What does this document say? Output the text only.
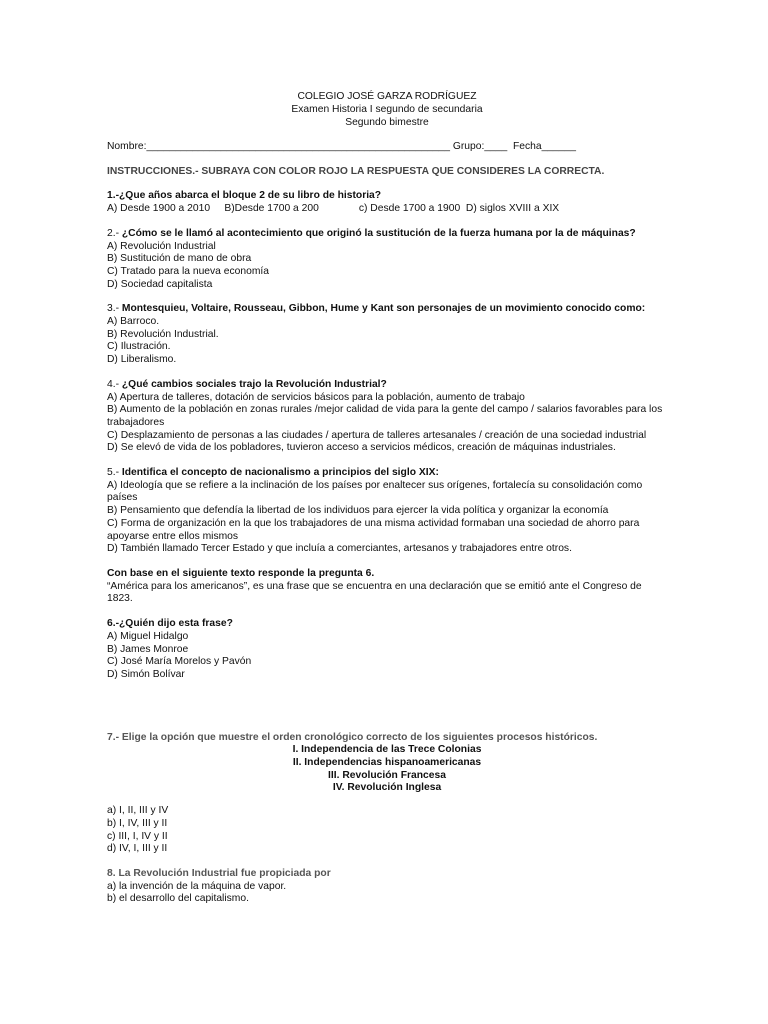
COLEGIO JOSÉ GARZA RODRÍGUEZ
Examen Historia I segundo de secundaria
Segundo bimestre
Nombre:_____________________________________________________ Grupo:____  Fecha______
INSTRUCCIONES.- SUBRAYA CON COLOR ROJO LA RESPUESTA QUE CONSIDERES LA CORRECTA.
1.-¿Que años abarca el bloque 2 de su libro de historia?
A) Desde 1900 a 2010     B)Desde 1700 a 200              c) Desde 1700 a 1900  D) siglos XVIII a XIX
2.- ¿Cómo se le llamó al acontecimiento que originó la sustitución de la fuerza humana por la de máquinas?
A) Revolución Industrial
B) Sustitución de mano de obra
C) Tratado para la nueva economía
D) Sociedad capitalista
3.- Montesquieu, Voltaire, Rousseau, Gibbon, Hume y Kant son personajes de un movimiento conocido como:
A) Barroco.
B) Revolución Industrial.
C) Ilustración.
D) Liberalismo.
4.- ¿Qué cambios sociales trajo la Revolución Industrial?
A) Apertura de talleres, dotación de servicios básicos para la población, aumento de trabajo
B) Aumento de la población en zonas rurales /mejor calidad de vida para la gente del campo / salarios favorables para los trabajadores
C) Desplazamiento de personas a las ciudades / apertura de talleres artesanales / creación de una sociedad industrial
D) Se elevó de vida de los pobladores, tuvieron acceso a servicios médicos, creación de máquinas industriales.
5.- Identifica el concepto de nacionalismo a principios del siglo XIX:
A) Ideología que se refiere a la inclinación de los países por enaltecer sus orígenes, fortalecía su consolidación como países
B) Pensamiento que defendía la libertad de los individuos para ejercer la vida política y organizar la economía
C) Forma de organización en la que los trabajadores de una misma actividad formaban una sociedad de ahorro para apoyarse entre ellos mismos
D) También llamado Tercer Estado y que incluía a comerciantes, artesanos y trabajadores entre otros.
Con base en el siguiente texto responde la pregunta 6.
“América para los americanos”, es una frase que se encuentra en una declaración que se emitió ante el Congreso de 1823.
6.-¿Quién dijo esta frase?
A) Miguel Hidalgo
B) James Monroe
C) José María Morelos y Pavón
D) Simón Bolívar
7.- Elige la opción que muestre el orden cronológico correcto de los siguientes procesos históricos.
I. Independencia de las Trece Colonias
II. Independencias hispanoamericanas
III. Revolución Francesa
IV. Revolución Inglesa
a) I, II, III y IV
b) I, IV, III y II
c) III, I, IV y II
d) IV, I, III y II
8. La Revolución Industrial fue propiciada por
a) la invención de la máquina de vapor.
b) el desarrollo del capitalismo.
